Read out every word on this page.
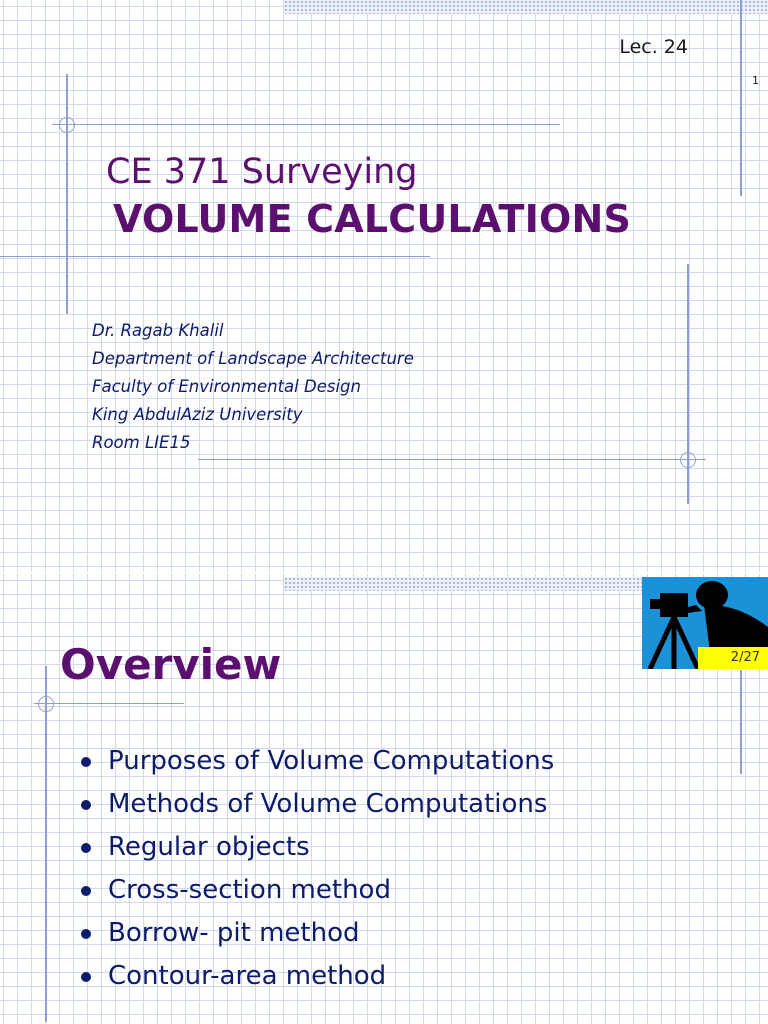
Lec. 24
1
CE 371 Surveying
VOLUME CALCULATIONS
Dr. Ragab Khalil
Department of Landscape Architecture
Faculty of Environmental Design
King AbdulAziz University
Room LIE15
2/27
Overview
Purposes of Volume Computations
Methods of Volume Computations
Regular objects
Cross-section method
Borrow- pit method
Contour-area method
